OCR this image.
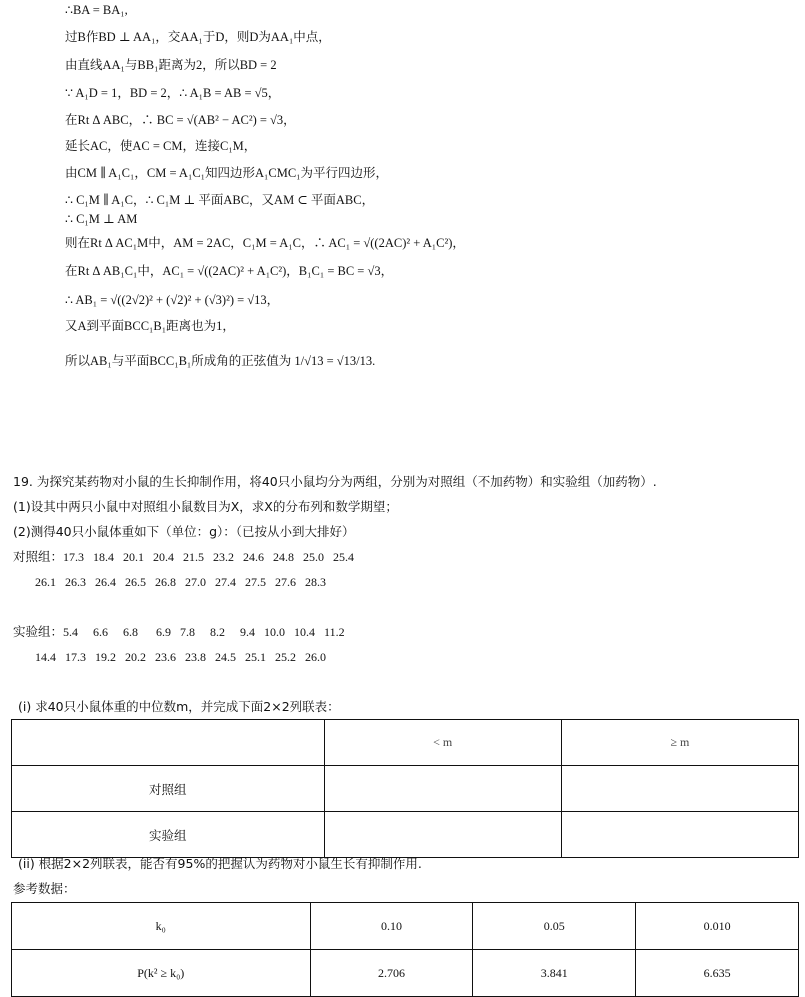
∴BA = BA₁,
过B作BD ⊥ AA₁，交AA₁于D，则D为AA₁中点，
由直线AA₁与BB₁距离为2，所以BD = 2
∵ A₁D = 1，BD = 2，∴ A₁B = AB = √5，
在Rt Δ ABC，∴ BC = √(AB² − AC²) = √3，
延长AC，使AC = CM，连接C₁M，
由CM ∥ A₁C₁，CM = A₁C₁知四边形A₁CMC₁为平行四边形，
∴ C₁M ∥ A₁C，∴ C₁M ⊥ 平面ABC，又AM ⊂ 平面ABC，
∴ C₁M ⊥ AM
则在Rt Δ AC₁M中，AM = 2AC，C₁M = A₁C，∴ AC₁ = √((2AC)² + A₁C²)，
在Rt Δ AB₁C₁中，AC₁ = √((2AC)² + A₁C²)，B₁C₁ = BC = √3，
∴ AB₁ = √((2√2)² + (√2)² + (√3)²) = √13，
又A到平面BCC₁B₁距离也为1，
所以AB₁与平面BCC₁B₁所成角的正弦值为 1/√13 = √13/13.
19. 为探究某药物对小鼠的生长抑制作用，将40只小鼠均分为两组，分别为对照组（不加药物）和实验组（加药物）.
(1)设其中两只小鼠中对照组小鼠数目为X，求X的分布列和数学期望；
(2)测得40只小鼠体重如下（单位：g）：（已按从小到大排好）
对照组：17.3   18.4   20.1   20.4   21.5   23.2   24.6   24.8   25.0   25.4
26.1   26.3   26.4   26.5   26.8   27.0   27.4   27.5   27.6   28.3
实验组：5.4     6.6     6.8      6.9   7.8     8.2     9.4   10.0   10.4   11.2
14.4   17.3   19.2   20.2   23.6   23.8   24.5   25.1   25.2   26.0
(i) 求40只小鼠体重的中位数m，并完成下面2×2列联表：
	< m	≥ m
对照组		
实验组		
(ii) 根据2×2列联表，能否有95%的把握认为药物对小鼠生长有抑制作用.
参考数据：
k₀	0.10	0.05	0.010
P(k² ≥ k₀)	2.706	3.841	6.635
